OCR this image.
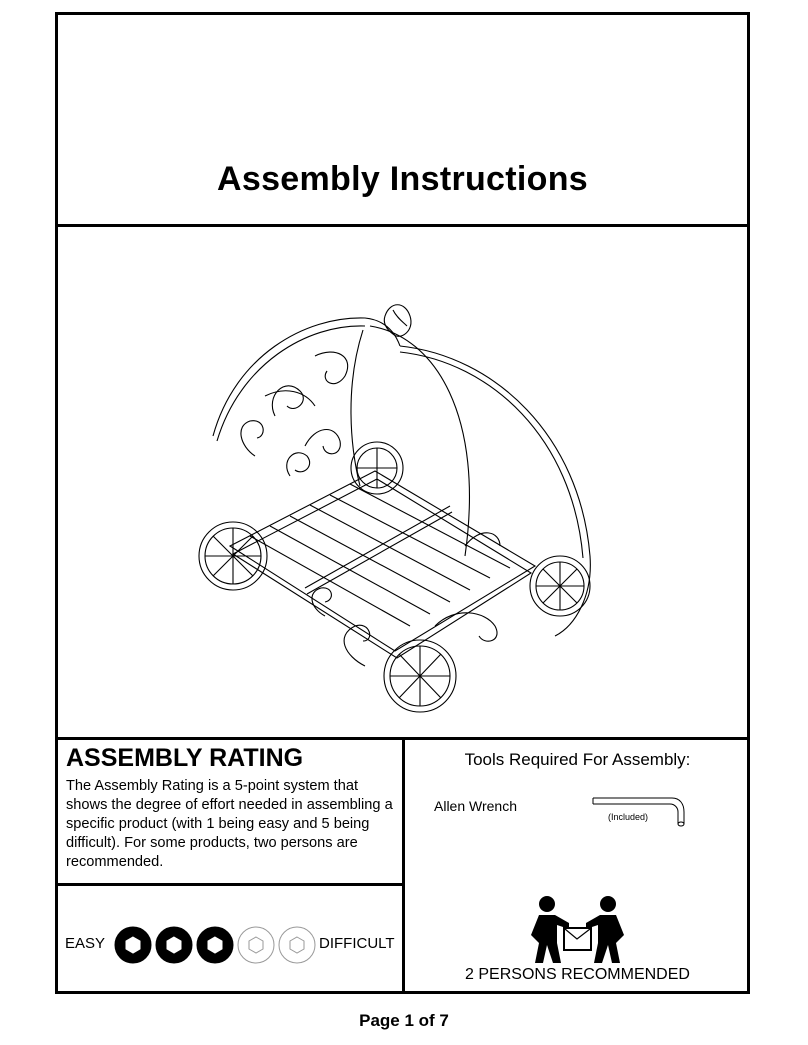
Assembly Instructions
ASSEMBLY RATING
The Assembly Rating is a 5-point system that shows the degree of effort needed in assembling a specific product (with 1 being easy and 5 being difficult). For some products, two persons are recommended.
EASY	DIFFICULT
Tools Required For Assembly:
Allen Wrench
(Included)
2 PERSONS RECOMMENDED
Page 1 of 7
